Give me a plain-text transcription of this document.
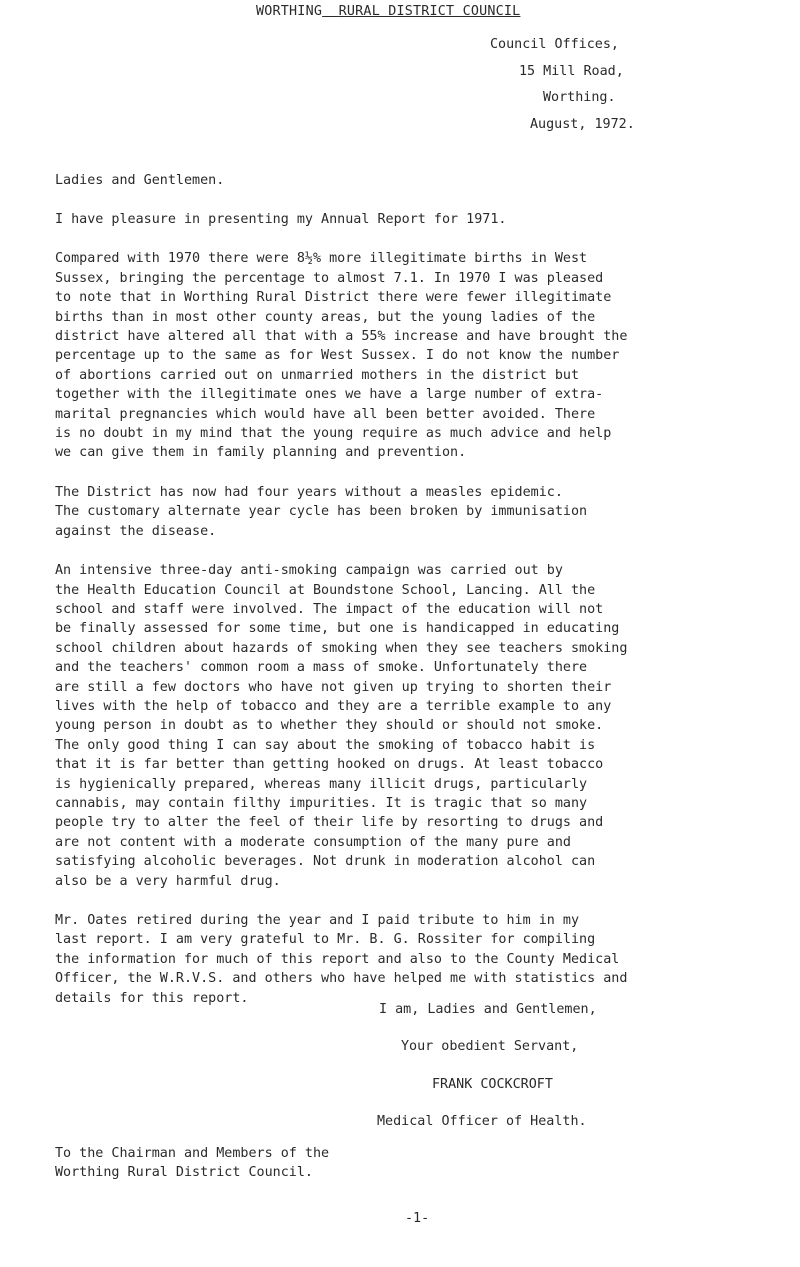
WORTHING RURAL DISTRICT COUNCIL
Council Offices,
15 Mill Road,
Worthing.
August, 1972.
Ladies and Gentlemen.

I have pleasure in presenting my Annual Report for 1971.

Compared with 1970 there were 8½% more illegitimate births in West
Sussex, bringing the percentage to almost 7.1. In 1970 I was pleased
to note that in Worthing Rural District there were fewer illegitimate
births than in most other county areas, but the young ladies of the
district have altered all that with a 55% increase and have brought the
percentage up to the same as for West Sussex. I do not know the number
of abortions carried out on unmarried mothers in the district but
together with the illegitimate ones we have a large number of extra-
marital pregnancies which would have all been better avoided. There
is no doubt in my mind that the young require as much advice and help
we can give them in family planning and prevention.

The District has now had four years without a measles epidemic.
The customary alternate year cycle has been broken by immunisation
against the disease.

An intensive three-day anti-smoking campaign was carried out by
the Health Education Council at Boundstone School, Lancing. All the
school and staff were involved. The impact of the education will not
be finally assessed for some time, but one is handicapped in educating
school children about hazards of smoking when they see teachers smoking
and the teachers' common room a mass of smoke. Unfortunately there
are still a few doctors who have not given up trying to shorten their
lives with the help of tobacco and they are a terrible example to any
young person in doubt as to whether they should or should not smoke.
The only good thing I can say about the smoking of tobacco habit is
that it is far better than getting hooked on drugs. At least tobacco
is hygienically prepared, whereas many illicit drugs, particularly
cannabis, may contain filthy impurities. It is tragic that so many
people try to alter the feel of their life by resorting to drugs and
are not content with a moderate consumption of the many pure and
satisfying alcoholic beverages. Not drunk in moderation alcohol can
also be a very harmful drug.

Mr. Oates retired during the year and I paid tribute to him in my
last report. I am very grateful to Mr. B. G. Rossiter for compiling
the information for much of this report and also to the County Medical
Officer, the W.R.V.S. and others who have helped me with statistics and
details for this report.

I am, Ladies and Gentlemen,
Your obedient Servant,
FRANK COCKCROFT
Medical Officer of Health.
To the Chairman and Members of the
Worthing Rural District Council.
-1-
